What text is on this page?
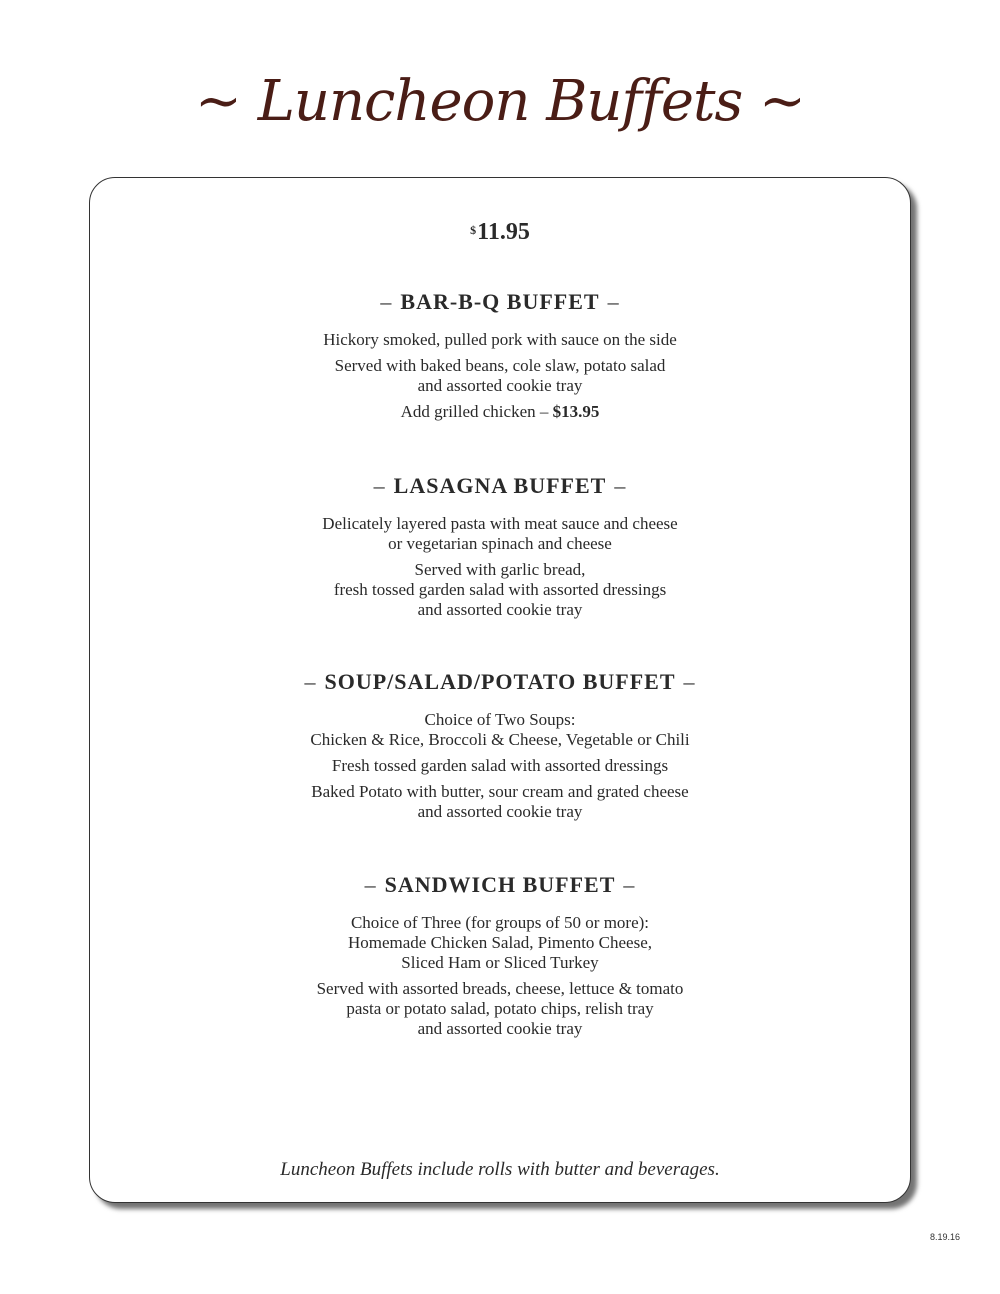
~ Luncheon Buffets ~
$11.95
– BAR-B-Q BUFFET –
Hickory smoked, pulled pork with sauce on the side
Served with baked beans, cole slaw, potato salad
and assorted cookie tray
Add grilled chicken – $13.95
– LASAGNA BUFFET –
Delicately layered pasta with meat sauce and cheese
or vegetarian spinach and cheese
Served with garlic bread,
fresh tossed garden salad with assorted dressings
and assorted cookie tray
– SOUP/SALAD/POTATO BUFFET –
Choice of Two Soups:
Chicken & Rice, Broccoli & Cheese, Vegetable or Chili
Fresh tossed garden salad with assorted dressings
Baked Potato with butter, sour cream and grated cheese
and assorted cookie tray
– SANDWICH BUFFET –
Choice of Three (for groups of 50 or more):
Homemade Chicken Salad, Pimento Cheese,
Sliced Ham or Sliced Turkey
Served with assorted breads, cheese, lettuce & tomato
pasta or potato salad, potato chips, relish tray
and assorted cookie tray
Luncheon Buffets include rolls with butter and beverages.
8.19.16
